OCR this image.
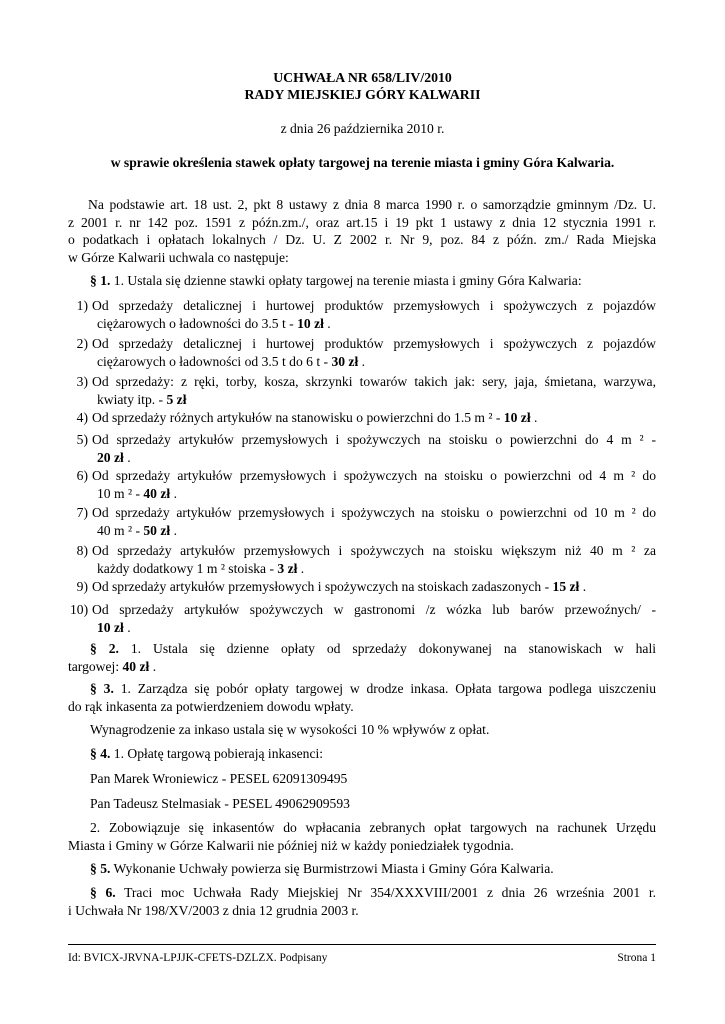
UCHWAŁA NR 658/LIV/2010
RADY MIEJSKIEJ GÓRY KALWARII
z dnia 26 października 2010 r.
w sprawie określenia stawek opłaty targowej na terenie miasta i gminy Góra Kalwaria.
Na podstawie art. 18 ust. 2, pkt 8 ustawy z dnia 8 marca 1990 r. o samorządzie gminnym /Dz. U.
z 2001 r. nr 142 poz. 1591 z późn.zm./, oraz art.15 i 19 pkt 1 ustawy z dnia 12 stycznia 1991 r.
o podatkach i opłatach lokalnych / Dz. U. Z 2002 r. Nr 9, poz. 84 z późn. zm./ Rada Miejska
w Górze Kalwarii uchwala co następuje:
§ 1. 1. Ustala się dzienne stawki opłaty targowej na terenie miasta i gminy Góra Kalwaria:
1) Od sprzedaży detalicznej i hurtowej produktów przemysłowych i spożywczych z pojazdów
ciężarowych o ładowności do 3.5 t - 10 zł .
2) Od sprzedaży detalicznej i hurtowej produktów przemysłowych i spożywczych z pojazdów
ciężarowych o ładowności od 3.5 t do 6 t - 30 zł .
3) Od sprzedaży: z ręki, torby, kosza, skrzynki towarów takich jak: sery, jaja, śmietana, warzywa,
kwiaty itp. - 5 zł
4) Od sprzedaży różnych artykułów na stanowisku o powierzchni do 1.5 m ² - 10 zł .
5) Od sprzedaży artykułów przemysłowych i spożywczych na stoisku o powierzchni do 4 m ² -
20 zł .
6) Od sprzedaży artykułów przemysłowych i spożywczych na stoisku o powierzchni od 4 m ² do
10 m ² - 40 zł .
7) Od sprzedaży artykułów przemysłowych i spożywczych na stoisku o powierzchni od 10 m ² do
40 m ² - 50 zł .
8) Od sprzedaży artykułów przemysłowych i spożywczych na stoisku większym niż 40 m ² za
każdy dodatkowy 1 m ² stoiska - 3 zł .
9) Od sprzedaży artykułów przemysłowych i spożywczych na stoiskach zadaszonych - 15 zł .
10) Od sprzedaży artykułów spożywczych w gastronomi /z wózka lub barów przewoźnych/ -
10 zł .
§ 2. 1. Ustala się dzienne opłaty od sprzedaży dokonywanej na stanowiskach w hali
targowej: 40 zł .
§ 3. 1. Zarządza się pobór opłaty targowej w drodze inkasa. Opłata targowa podlega uiszczeniu
do rąk inkasenta za potwierdzeniem dowodu wpłaty.
Wynagrodzenie za inkaso ustala się w wysokości 10 % wpływów z opłat.
§ 4. 1. Opłatę targową pobierają inkasenci:
Pan Marek Wroniewicz - PESEL 62091309495
Pan Tadeusz Stelmasiak - PESEL 49062909593
2. Zobowiązuje się inkasentów do wpłacania zebranych opłat targowych na rachunek Urzędu
Miasta i Gminy w Górze Kalwarii nie później niż w każdy poniedziałek tygodnia.
§ 5. Wykonanie Uchwały powierza się Burmistrzowi Miasta i Gminy Góra Kalwaria.
§ 6. Traci moc Uchwała Rady Miejskiej Nr 354/XXXVIII/2001 z dnia 26 września 2001 r.
i Uchwała Nr 198/XV/2003 z dnia 12 grudnia 2003 r.
Id: BVICX-JRVNA-LPJJK-CFETS-DZLZX. Podpisany	Strona 1
